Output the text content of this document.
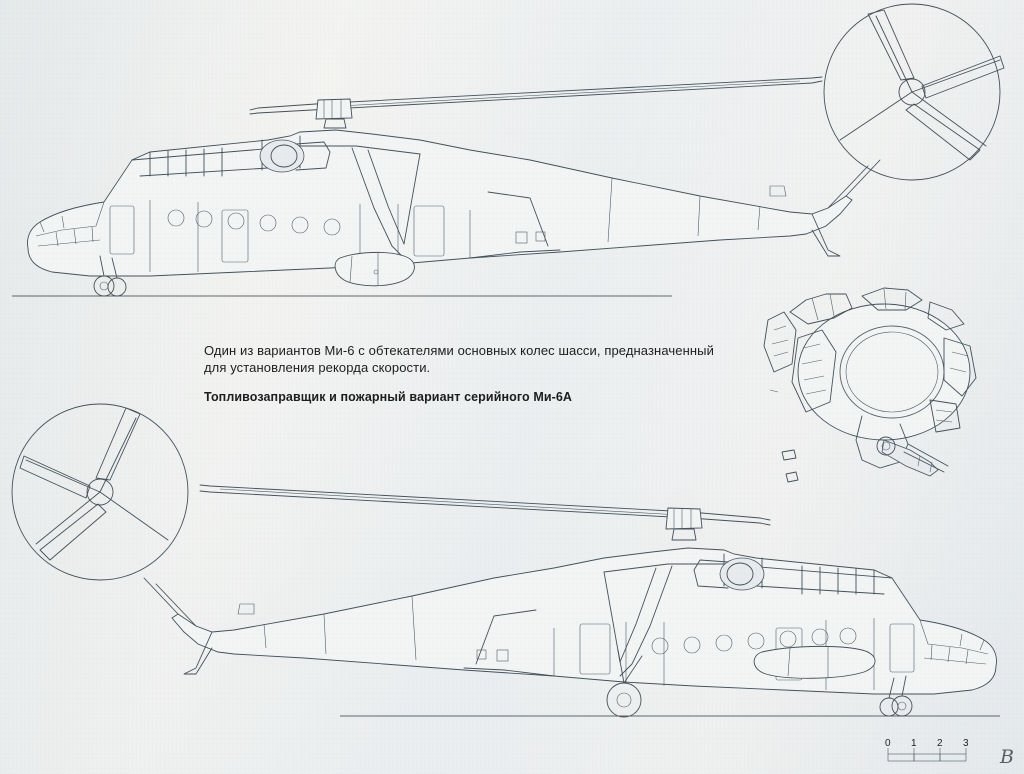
Один из вариантов Ми-6 с обтекателями основных колес шасси, предназначенный для установления рекорда скорости.
Топливозаправщик и пожарный вариант серийного Ми-6А
0 1 2 3
В
